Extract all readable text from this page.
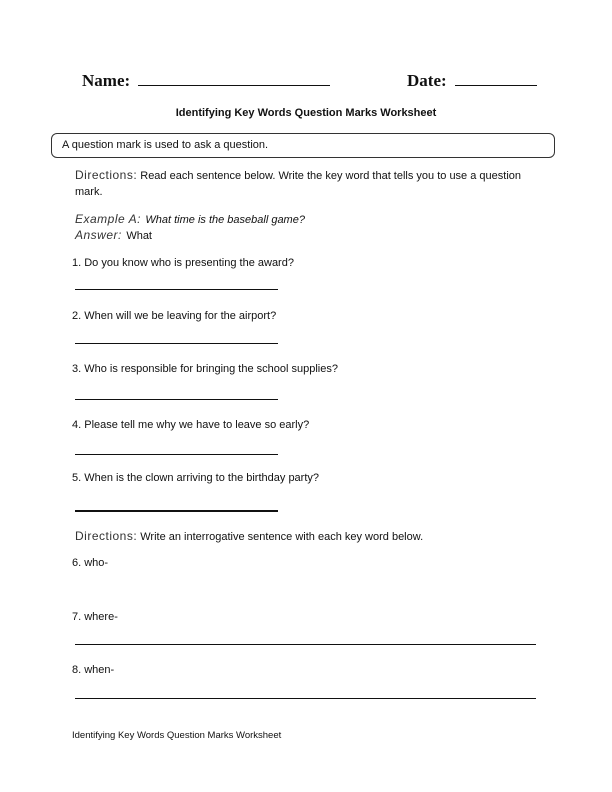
Name:	Date:
Identifying Key Words Question Marks Worksheet
A question mark is used to ask a question.
Directions: Read each sentence below. Write the key word that tells you to use a question mark.
Example A: What time is the baseball game?
Answer: What
1. Do you know who is presenting the award?
2. When will we be leaving for the airport?
3. Who is responsible for bringing the school supplies?
4. Please tell me why we have to leave so early?
5. When is the clown arriving to the birthday party?
Directions: Write an interrogative sentence with each key word below.
6. who-
7. where-
8. when-
Identifying Key Words Question Marks Worksheet
